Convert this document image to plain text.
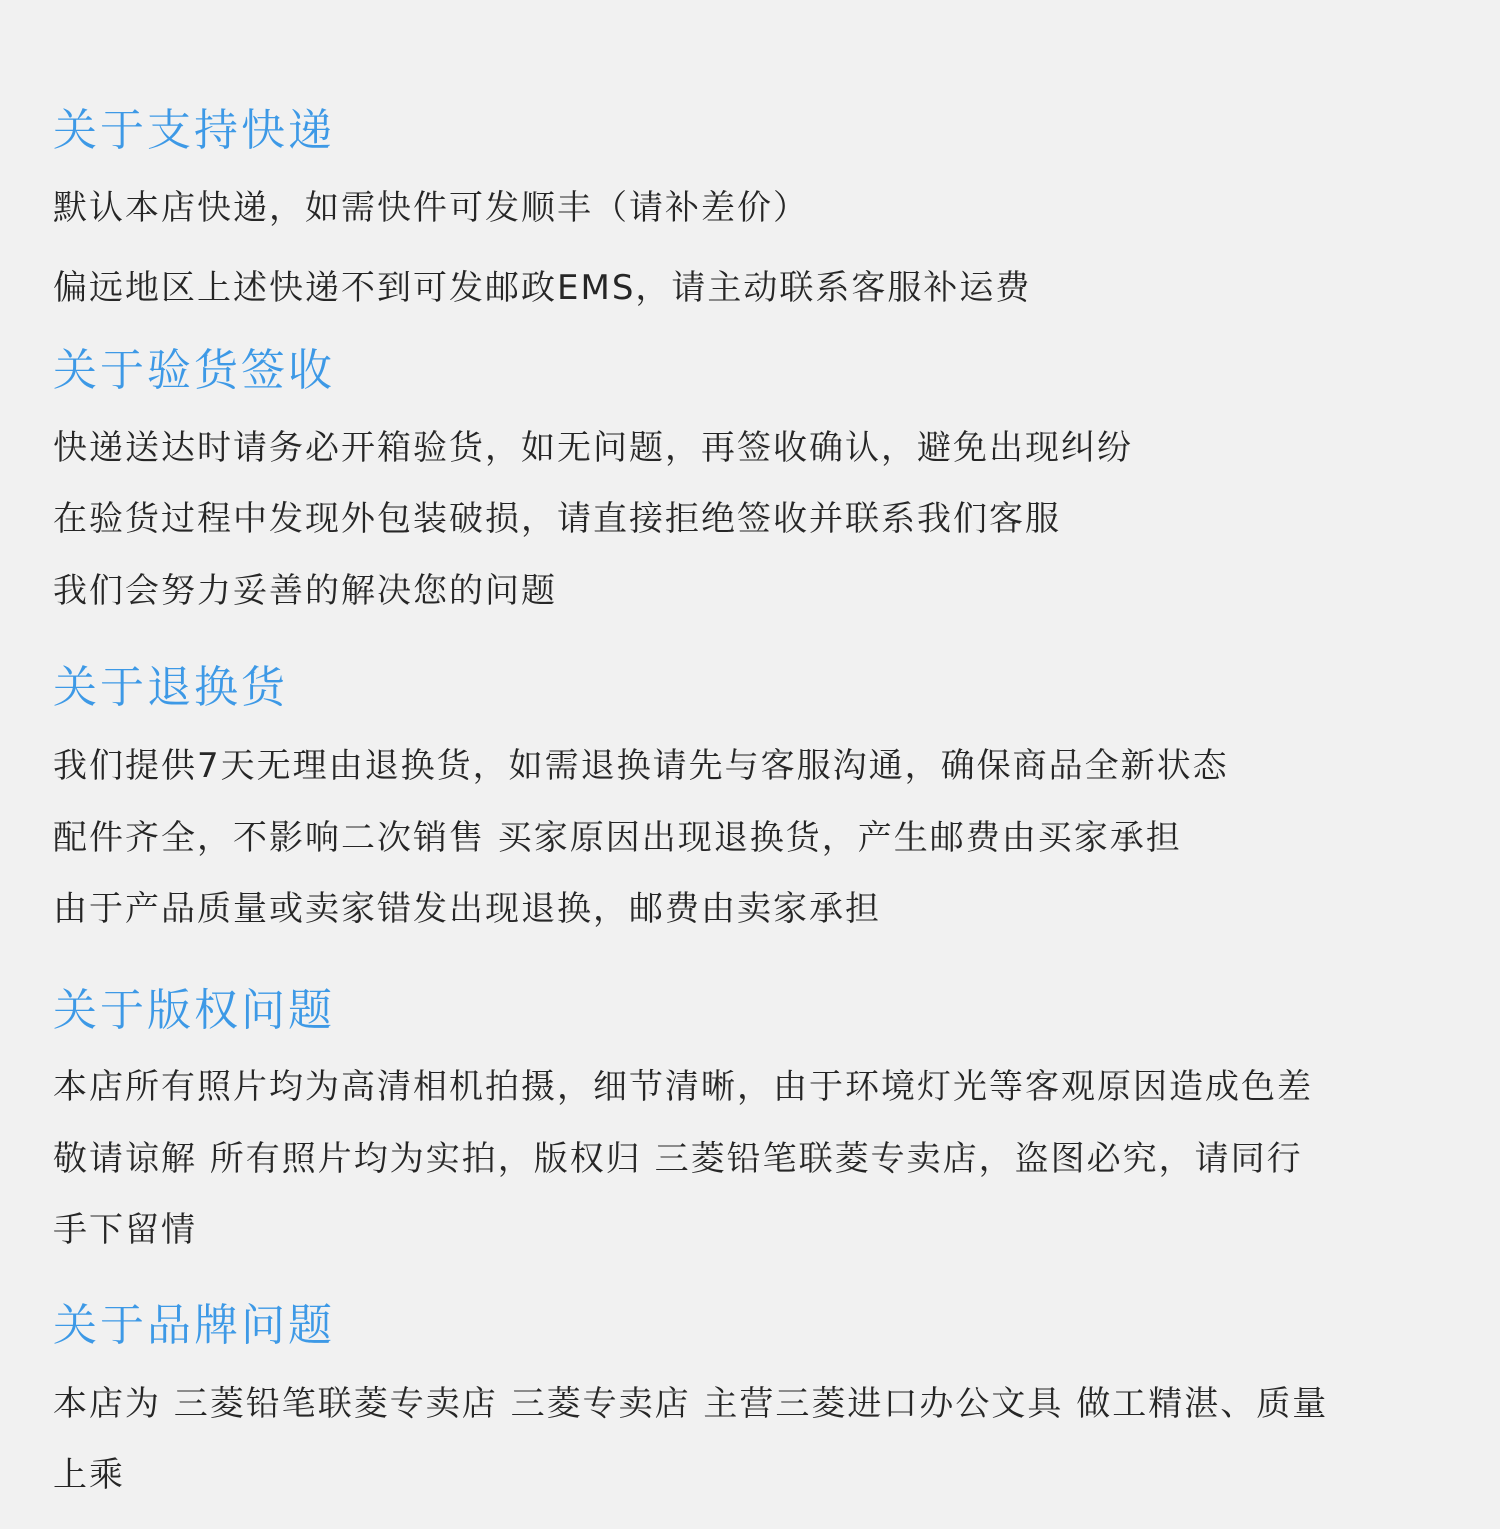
关于支持快递

默认本店快递，如需快件可发顺丰（请补差价）

偏远地区上述快递不到可发邮政EMS，请主动联系客服补运费

关于验货签收

快递送达时请务必开箱验货，如无问题，再签收确认，避免出现纠纷

在验货过程中发现外包装破损，请直接拒绝签收并联系我们客服

我们会努力妥善的解决您的问题

关于退换货

我们提供7天无理由退换货，如需退换请先与客服沟通，确保商品全新状态

配件齐全，不影响二次销售 买家原因出现退换货，产生邮费由买家承担

由于产品质量或卖家错发出现退换，邮费由卖家承担

关于版权问题

本店所有照片均为高清相机拍摄，细节清晰，由于环境灯光等客观原因造成色差

敬请谅解 所有照片均为实拍，版权归 三菱铅笔联菱专卖店，盗图必究，请同行

手下留情

关于品牌问题

本店为 三菱铅笔联菱专卖店 三菱专卖店 主营三菱进口办公文具 做工精湛、质量

上乘
